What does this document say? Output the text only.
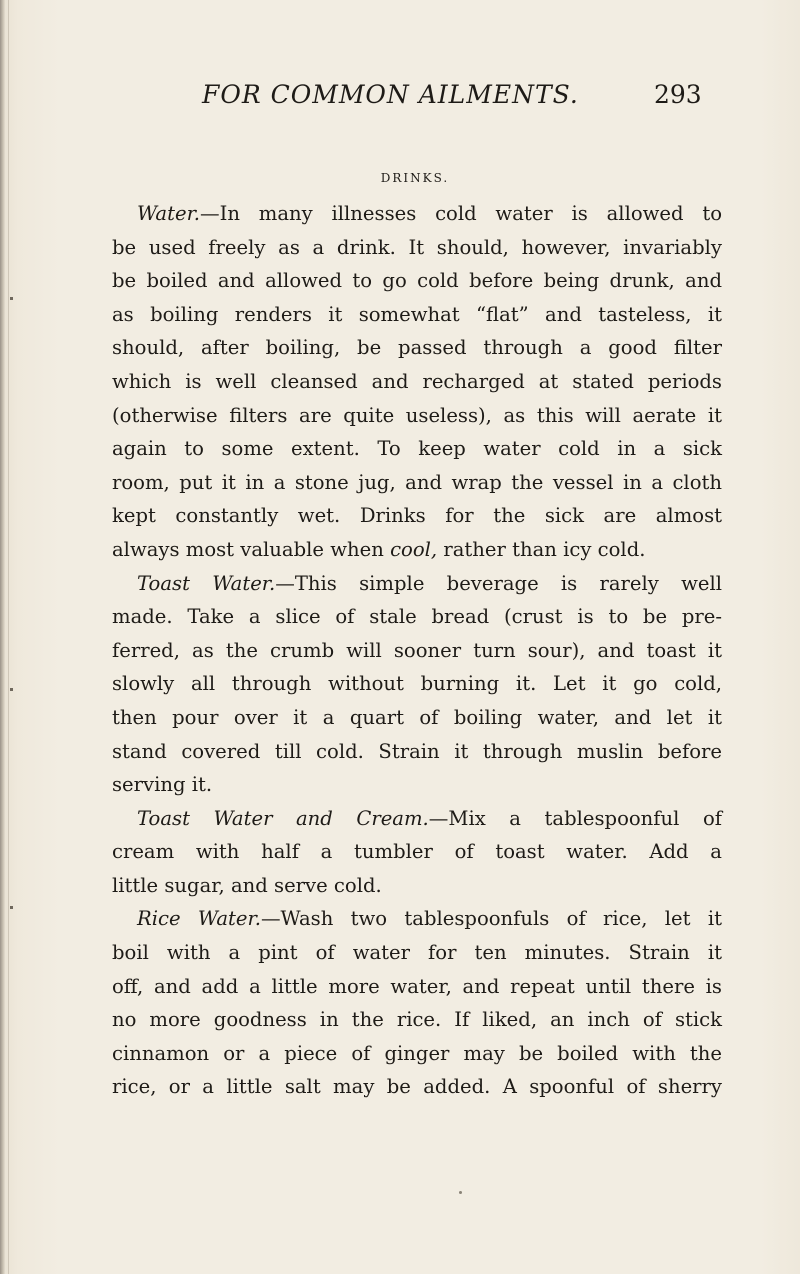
FOR COMMON AILMENTS.	293
DRINKS.
Water.—In many illnesses cold water is allowed to
be used freely as a drink. It should, however, invariably
be boiled and allowed to go cold before being drunk, and
as boiling renders it somewhat “flat” and tasteless, it
should, after boiling, be passed through a good filter
which is well cleansed and recharged at stated periods
(otherwise filters are quite useless), as this will aerate it
again to some extent. To keep water cold in a sick
room, put it in a stone jug, and wrap the vessel in a cloth
kept constantly wet. Drinks for the sick are almost
always most valuable when cool, rather than icy cold.
Toast Water.—This simple beverage is rarely well
made. Take a slice of stale bread (crust is to be pre-
ferred, as the crumb will sooner turn sour), and toast it
slowly all through without burning it. Let it go cold,
then pour over it a quart of boiling water, and let it
stand covered till cold. Strain it through muslin before
serving it.
Toast Water and Cream.—Mix a tablespoonful of
cream with half a tumbler of toast water. Add a
little sugar, and serve cold.
Rice Water.—Wash two tablespoonfuls of rice, let it
boil with a pint of water for ten minutes. Strain it
off, and add a little more water, and repeat until there is
no more goodness in the rice. If liked, an inch of stick
cinnamon or a piece of ginger may be boiled with the
rice, or a little salt may be added. A spoonful of sherry
